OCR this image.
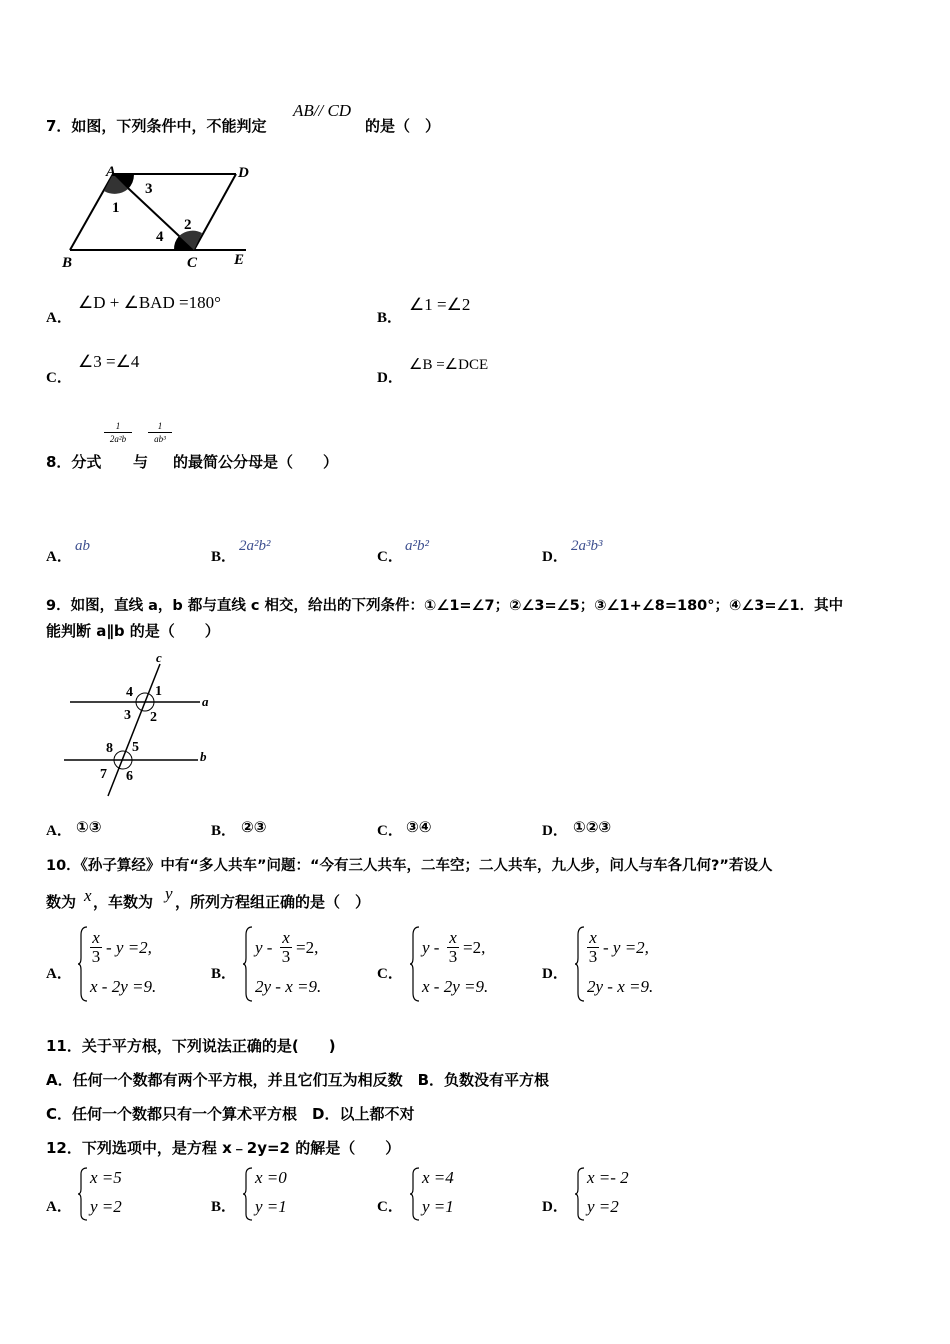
7．如图，下列条件中，不能判定
AB// CD
的是（　）
A	D
B	C E
1
3
2
4
A．
∠D + ∠BAD =180°
B．
∠1 =∠2
C．
∠3 =∠4
D．
∠B =∠DCE
8．分式
1
2a²b
与
1
ab³
的最简公分母是（　　）
A．
ab
B．
2a²b²
C．
a²b²
D．
2a³b³
9．如图，直线 a，b 都与直线 c 相交，给出的下列条件：①∠1=∠7；②∠3=∠5；③∠1+∠8=180°；④∠3=∠1．其中
能判断 a∥b 的是（　　）
c
a
b
4 1
3 2
8 5
7 6
A． ①③	B． ②③	C． ③④	D． ①②③
10．《孙子算经》中有“多人共车”问题：“今有三人共车，二车空；二人共车，九人步，问人与车各几何?”若设人
数为 x ，车数为 y ，所列方程组正确的是（　）
A．
x
3 - y =2,
x - 2y =9.
B．
y -
x
3 =2,
2y - x =9.
C．
y -
x
3 =2,
x - 2y =9.
D．
x
3 - y =2,
2y - x =9.
11．关于平方根，下列说法正确的是(　　)
A．任何一个数都有两个平方根，并且它们互为相反数　B．负数没有平方根
C．任何一个数都只有一个算术平方根　D．以上都不对
12．下列选项中，是方程 x﹣2y=2 的解是（　　）
A．
x =5
y =2	B．
x =0
y =1	C．
x =4
y =1	D．
x =- 2
y =2
